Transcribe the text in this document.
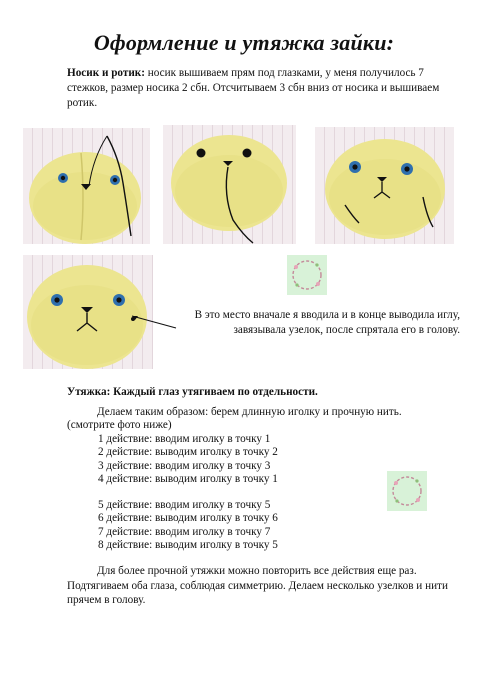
Оформление и утяжка зайки:
Носик и ротик: носик вышиваем прям под глазками, у меня получилось 7 стежков, размер носика 2 сбн. Отсчитываем 3 сбн вниз от носика и вышиваем ротик.
В это место вначале я вводила и в конце выводила иглу,
завязывала узелок, после спрятала его в голову.
Утяжка: Каждый глаз утягиваем по отдельности.
Делаем таким образом: берем длинную иголку и прочную нить.
(смотрите фото ниже)
1 действие: вводим иголку в точку 1
2 действие: выводим иголку в точку 2
3 действие: вводим иголку в точку 3
4 действие: выводим иголку в точку 1
5 действие: вводим иголку в точку 5
6 действие: выводим иголку в точку 6
7 действие: вводим иголку в точку 7
8 действие: выводим иголку в точку 5
Для более прочной утяжки можно повторить все действия еще раз.
Подтягиваем оба глаза, соблюдая симметрию. Делаем несколько узелков и нити прячем в голову.
